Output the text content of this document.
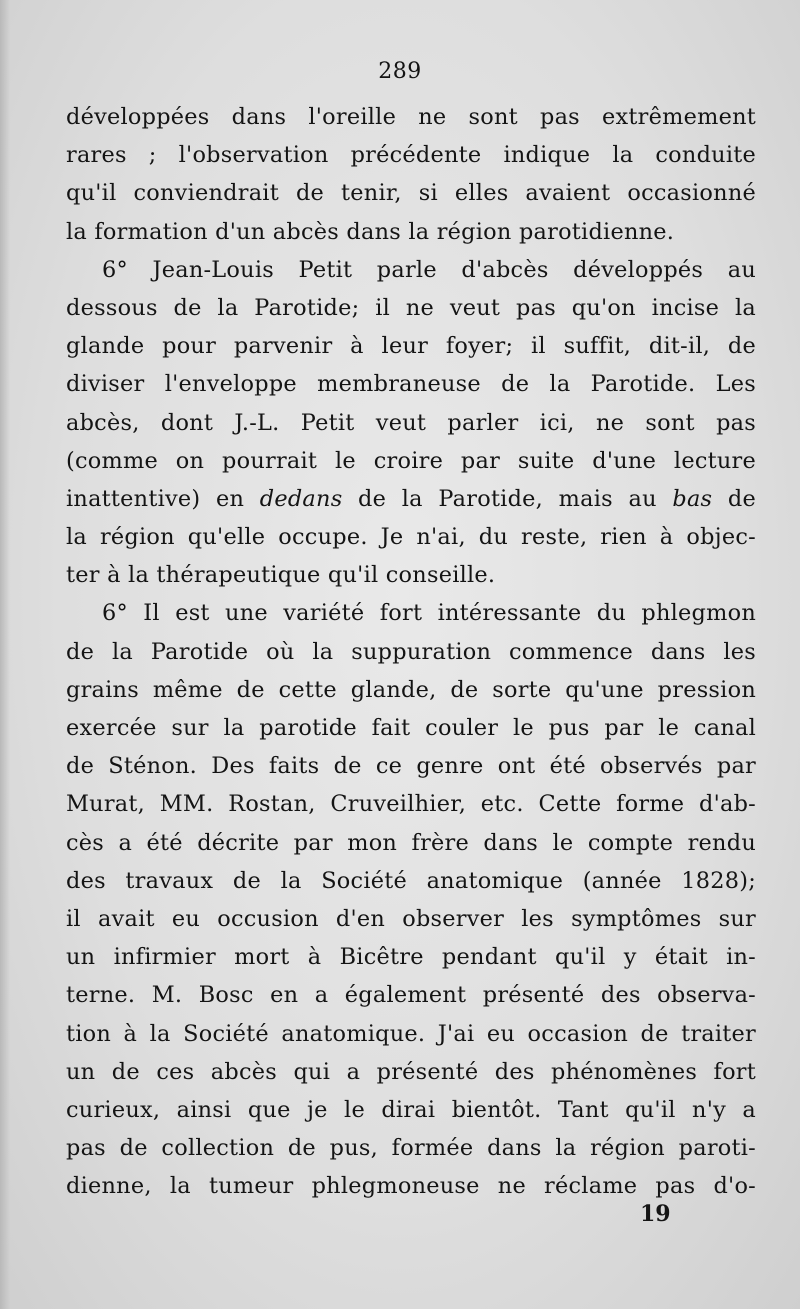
289
développées dans l'oreille ne sont pas extrêmement
rares ; l'observation précédente indique la conduite
qu'il conviendrait de tenir, si elles avaient occasionné
la formation d'un abcès dans la région parotidienne.
6° Jean-Louis Petit parle d'abcès développés au
dessous de la Parotide; il ne veut pas qu'on incise la
glande pour parvenir à leur foyer; il suffit, dit-il, de
diviser l'enveloppe membraneuse de la Parotide. Les
abcès, dont J.-L. Petit veut parler ici, ne sont pas
(comme on pourrait le croire par suite d'une lecture
inattentive) en dedans de la Parotide, mais au bas de
la région qu'elle occupe. Je n'ai, du reste, rien à objec-
ter à la thérapeutique qu'il conseille.
6° Il est une variété fort intéressante du phlegmon
de la Parotide où la suppuration commence dans les
grains même de cette glande, de sorte qu'une pression
exercée sur la parotide fait couler le pus par le canal
de Sténon. Des faits de ce genre ont été observés par
Murat, MM. Rostan, Cruveilhier, etc. Cette forme d'ab-
cès a été décrite par mon frère dans le compte rendu
des travaux de la Société anatomique (année 1828);
il avait eu occusion d'en observer les symptômes sur
un infirmier mort à Bicêtre pendant qu'il y était in-
terne. M. Bosc en a également présenté des observa-
tion à la Société anatomique. J'ai eu occasion de traiter
un de ces abcès qui a présenté des phénomènes fort
curieux, ainsi que je le dirai bientôt. Tant qu'il n'y a
pas de collection de pus, formée dans la région paroti-
dienne, la tumeur phlegmoneuse ne réclame pas d'o-
19
